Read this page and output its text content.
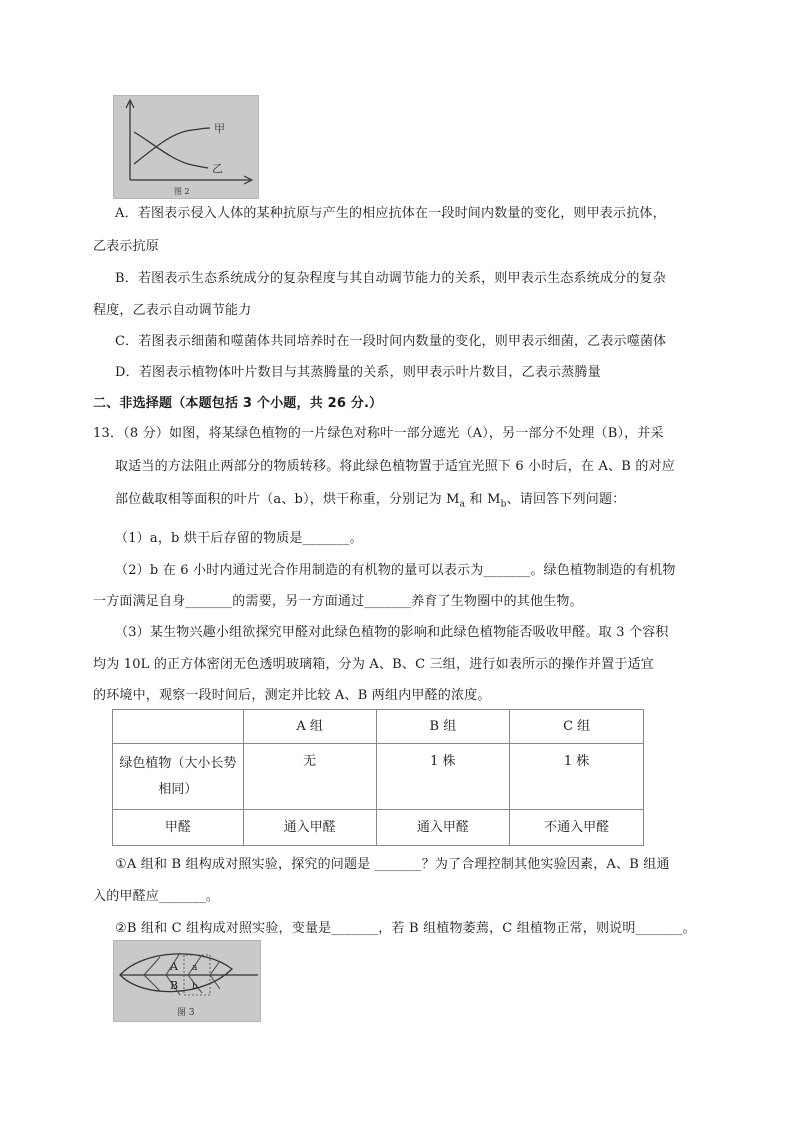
甲
乙
图 2
A．若图表示侵入人体的某种抗原与产生的相应抗体在一段时间内数量的变化，则甲表示抗体，
乙表示抗原
B．若图表示生态系统成分的复杂程度与其自动调节能力的关系，则甲表示生态系统成分的复杂
程度，乙表示自动调节能力
C．若图表示细菌和噬菌体共同培养时在一段时间内数量的变化，则甲表示细菌，乙表示噬菌体
D．若图表示植物体叶片数目与其蒸腾量的关系，则甲表示叶片数目，乙表示蒸腾量
二、非选择题（本题包括 3 个小题，共 26 分.）
13．（8 分）如图，将某绿色植物的一片绿色对称叶一部分遮光（A），另一部分不处理（B），并采
取适当的方法阻止两部分的物质转移。将此绿色植物置于适宜光照下 6 小时后，在 A、B 的对应
部位截取相等面积的叶片（a、b），烘干称重，分别记为 $M_a$ 和 $M_b$、请回答下列问题：
（1）a，b 烘干后存留的物质是_______。
（2）b 在 6 小时内通过光合作用制造的有机物的量可以表示为_______。绿色植物制造的有机物
一方面满足自身_______的需要，另一方面通过_______养育了生物圈中的其他生物。
（3）某生物兴趣小组欲探究甲醛对此绿色植物的影响和此绿色植物能否吸收甲醛。取 3 个容积
均为 10L 的正方体密闭无色透明玻璃箱，分为 A、B、C 三组，进行如表所示的操作并置于适宜
的环境中，观察一段时间后，测定并比较 A、B 两组内甲醛的浓度。
	A 组	B 组	C 组

绿色植物（大小长势
相同）	无	1 株	1 株
甲醛	通入甲醛	通入甲醛	不通入甲醛
①A 组和 B 组构成对照实验，探究的问题是 _______？为了合理控制其他实验因素，A、B 组通
入的甲醛应_______。
②B 组和 C 组构成对照实验，变量是_______，若 B 组植物萎蔫，C 组植物正常，则说明_______。
A
B
a
b
图 3
